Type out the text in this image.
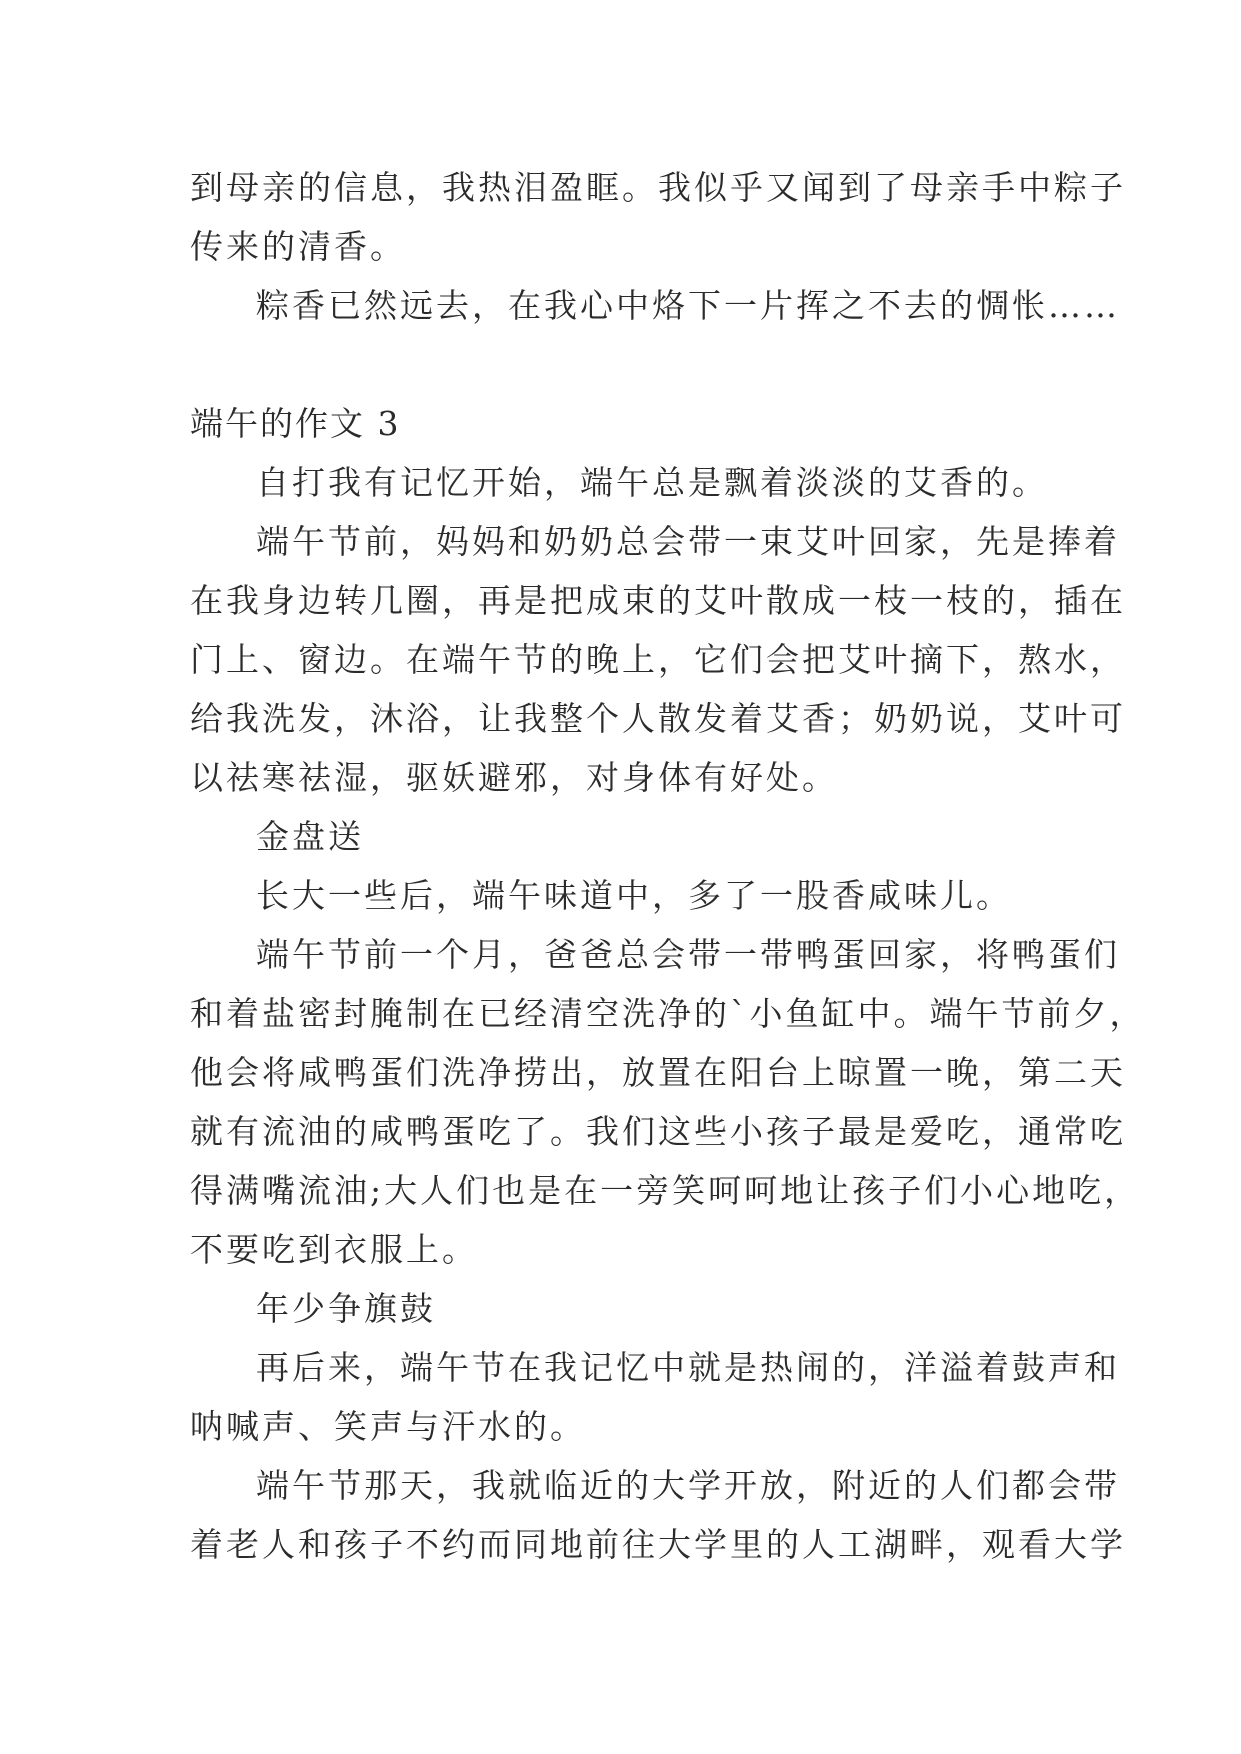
到母亲的信息，我热泪盈眶。我似乎又闻到了母亲手中粽子
传来的清香。
粽香已然远去，在我心中烙下一片挥之不去的惆怅……
端午的作文 3
自打我有记忆开始，端午总是飘着淡淡的艾香的。
端午节前，妈妈和奶奶总会带一束艾叶回家，先是捧着
在我身边转几圈，再是把成束的艾叶散成一枝一枝的，插在
门上、窗边。在端午节的晚上，它们会把艾叶摘下，熬水，
给我洗发，沐浴，让我整个人散发着艾香；奶奶说，艾叶可
以祛寒祛湿，驱妖避邪，对身体有好处。
金盘送
长大一些后，端午味道中，多了一股香咸味儿。
端午节前一个月，爸爸总会带一带鸭蛋回家，将鸭蛋们
和着盐密封腌制在已经清空洗净的`小鱼缸中。端午节前夕，
他会将咸鸭蛋们洗净捞出，放置在阳台上晾置一晚，第二天
就有流油的咸鸭蛋吃了。我们这些小孩子最是爱吃，通常吃
得满嘴流油;大人们也是在一旁笑呵呵地让孩子们小心地吃，
不要吃到衣服上。
年少争旗鼓
再后来，端午节在我记忆中就是热闹的，洋溢着鼓声和
呐喊声、笑声与汗水的。
端午节那天，我就临近的大学开放，附近的人们都会带
着老人和孩子不约而同地前往大学里的人工湖畔，观看大学
